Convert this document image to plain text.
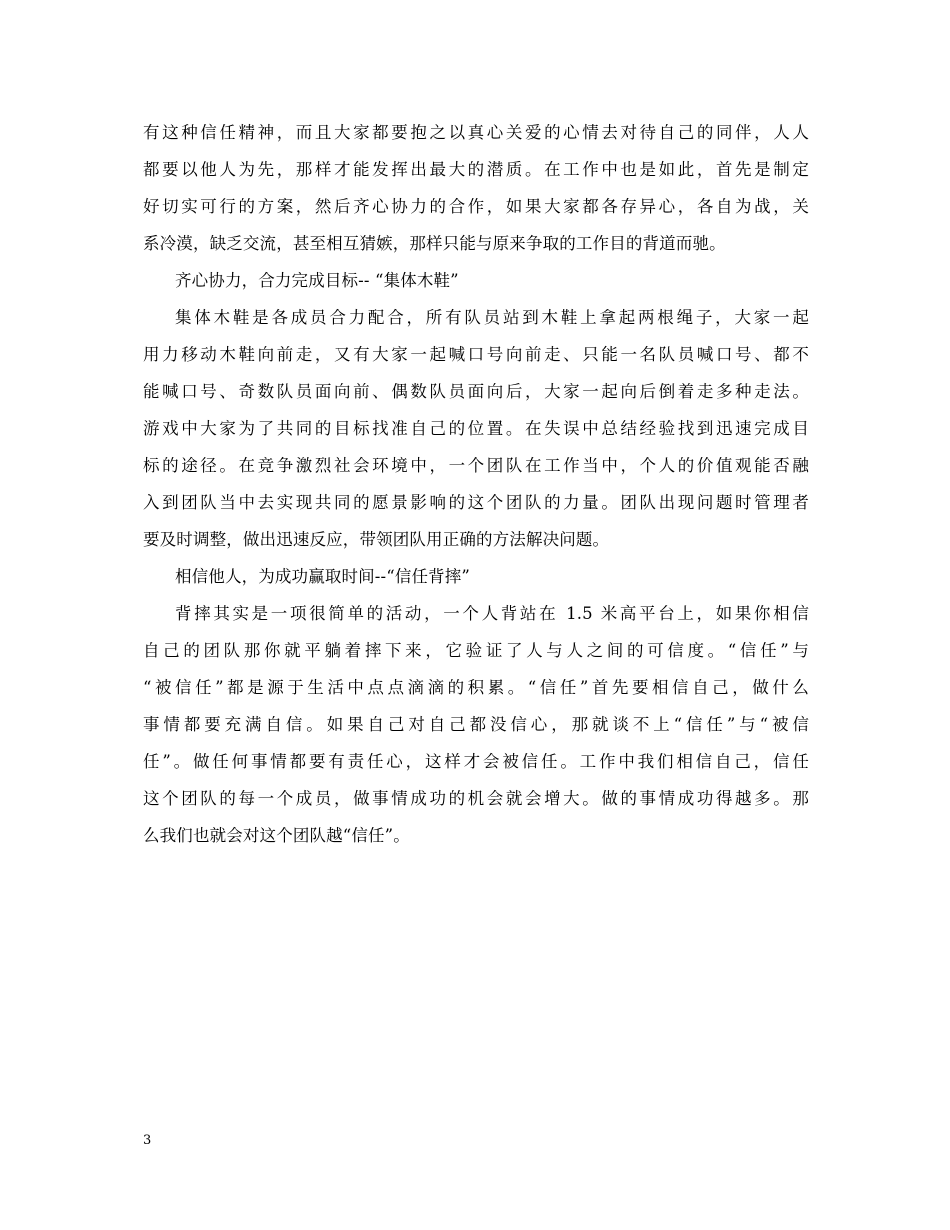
有这种信任精神，而且大家都要抱之以真心关爱的心情去对待自己的同伴，人人
都要以他人为先，那样才能发挥出最大的潜质。在工作中也是如此，首先是制定
好切实可行的方案，然后齐心协力的合作，如果大家都各存异心，各自为战，关
系冷漠，缺乏交流，甚至相互猜嫉，那样只能与原来争取的工作目的背道而驰。
齐心协力，合力完成目标-- “集体木鞋”
集体木鞋是各成员合力配合，所有队员站到木鞋上拿起两根绳子，大家一起
用力移动木鞋向前走，又有大家一起喊口号向前走、只能一名队员喊口号、都不
能喊口号、奇数队员面向前、偶数队员面向后，大家一起向后倒着走多种走法。
游戏中大家为了共同的目标找准自己的位置。在失误中总结经验找到迅速完成目
标的途径。在竞争激烈社会环境中，一个团队在工作当中，个人的价值观能否融
入到团队当中去实现共同的愿景影响的这个团队的力量。团队出现问题时管理者
要及时调整，做出迅速反应，带领团队用正确的方法解决问题。
相信他人，为成功赢取时间--“信任背摔”
背摔其实是一项很简单的活动，一个人背站在 1.5 米高平台上，如果你相信
自己的团队那你就平躺着摔下来，它验证了人与人之间的可信度。“信任”与
“被信任”都是源于生活中点点滴滴的积累。“信任”首先要相信自己，做什么
事情都要充满自信。如果自己对自己都没信心，那就谈不上“信任”与“被信
任”。做任何事情都要有责任心，这样才会被信任。工作中我们相信自己，信任
这个团队的每一个成员，做事情成功的机会就会增大。做的事情成功得越多。那
么我们也就会对这个团队越“信任”。
3
